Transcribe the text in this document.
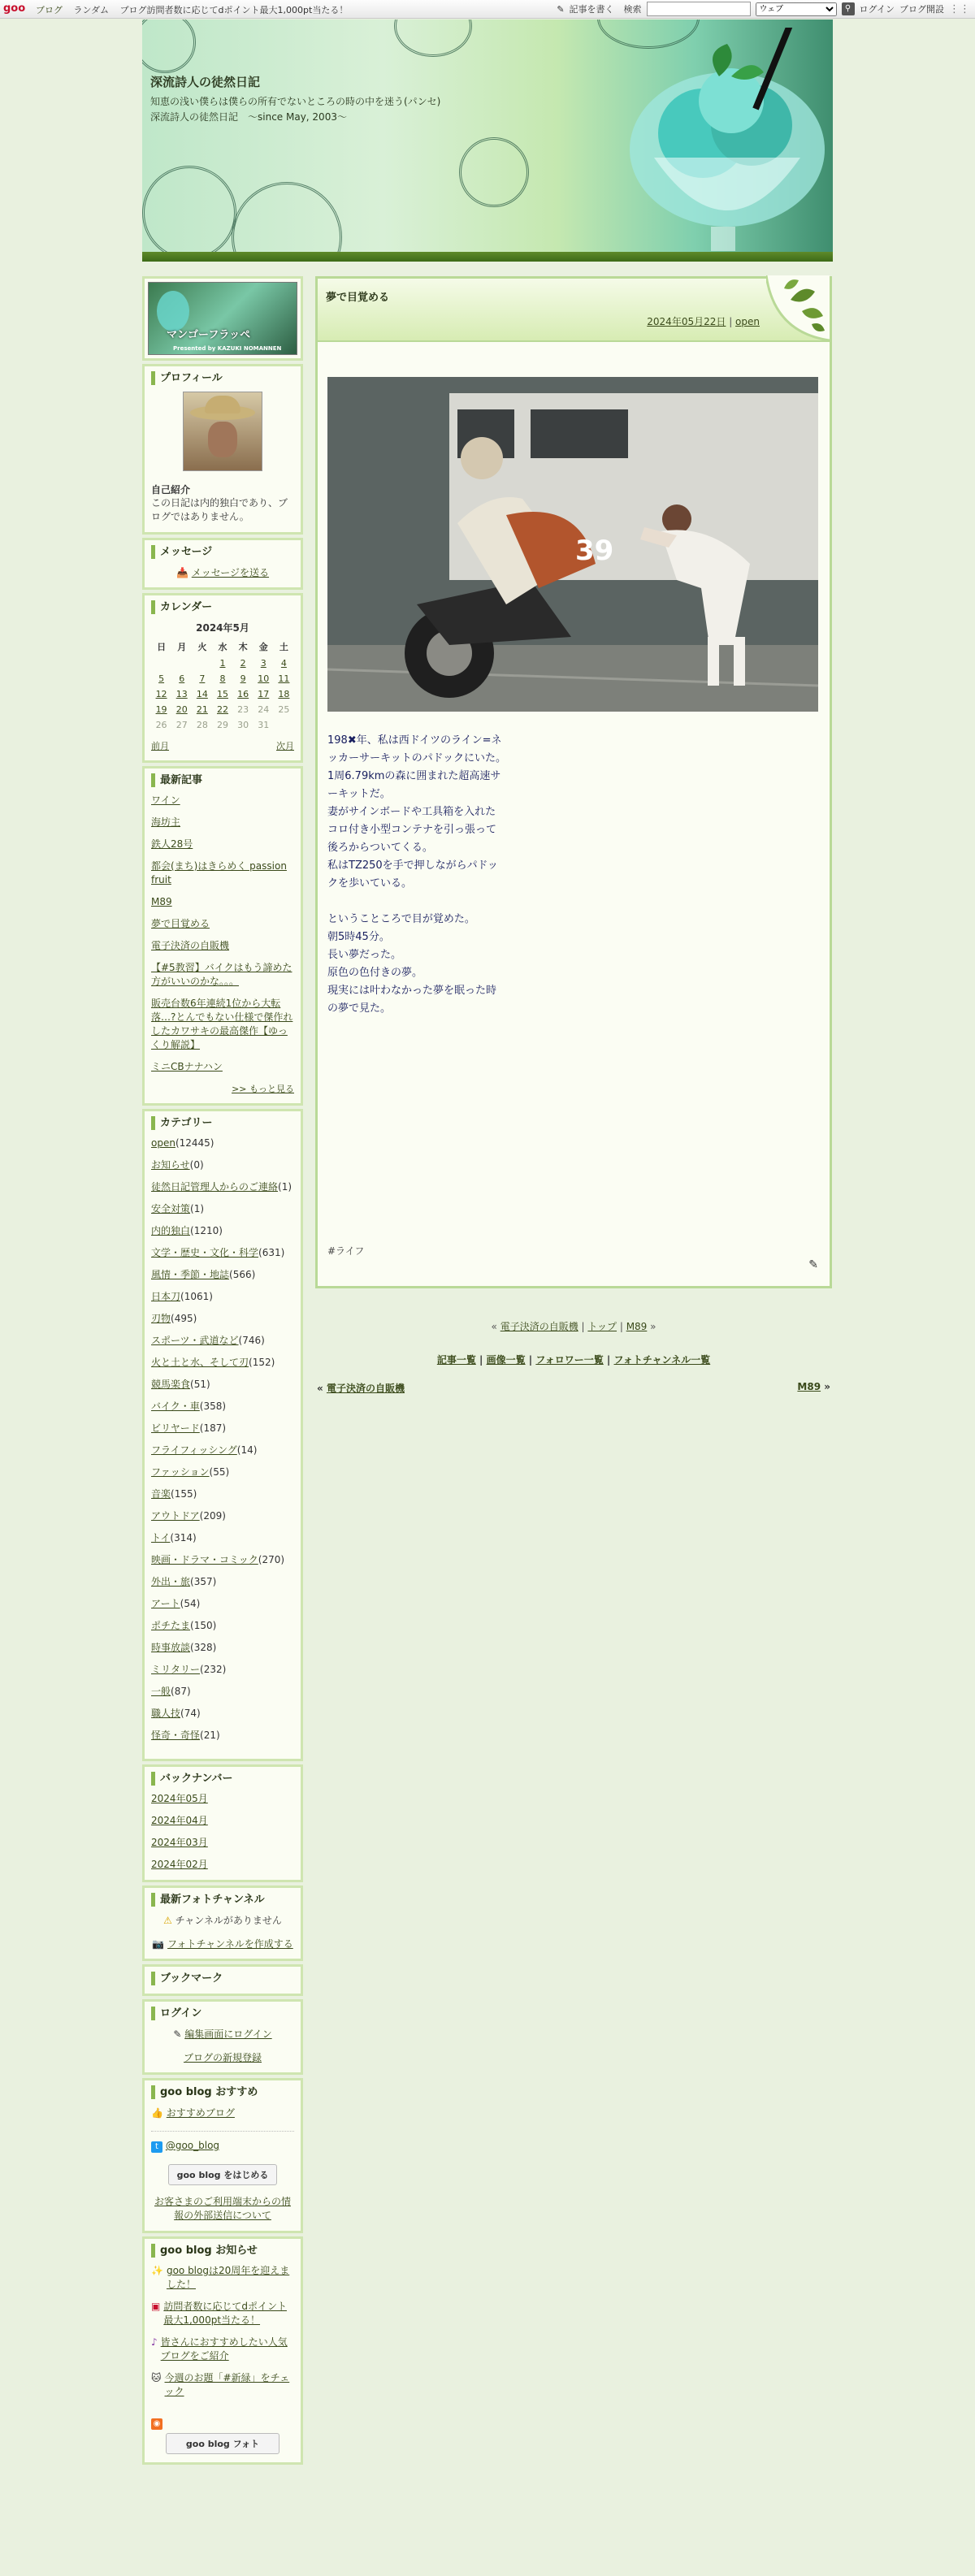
goo ブログ ランダム ブログ訪問者数に応じてdポイント最大1,000pt当たる！	✎ 記事を書く 検索
ウェブ	⚲ ログイン ブログ開設 ⋮⋮
深流詩人の徒然日記
知恵の浅い僕らは僕らの所有でないところの時の中を迷う(パンセ)　深流詩人の徒然日記　～since May, 2003～
マンゴーフラッペ
Presented by KAZUKI NOMANNEN
プロフィール
自己紹介
この日記は内的独白であり、ブログではありません。
メッセージ
📥 メッセージを送る
カレンダー
2024年5月
日	月	火	水	木	金	土
			1	2	3	4
5	6	7	8	9	10	11
12	13	14	15	16	17	18
19	20	21	22	23	24	25
26	27	28	29	30	31	
前月	次月
最新記事
ワイン
海坊主
鉄人28号
都会(まち)はきらめく passion fruit
M89
夢で目覚める
電子決済の自販機
【#5教習】バイクはもう諦めた方がいいのかな。。。
販売台数6年連続1位から大転落…?とんでもない仕様で傑作れしたカワサキの最高傑作【ゆっくり解説】
ミニCBナナハン
>> もっと見る
カテゴリー
open(12445)
お知らせ(0)
徒然日記管理人からのご連絡(1)
安全対策(1)
内的独白(1210)
文学・歴史・文化・科学(631)
風情・季節・地誌(566)
日本刀(1061)
刃物(495)
スポーツ・武道など(746)
火と土と水、そして刃(152)
競馬楽食(51)
バイク・車(358)
ビリヤード(187)
フライフィッシング(14)
ファッション(55)
音楽(155)
アウトドア(209)
トイ(314)
映画・ドラマ・コミック(270)
外出・旅(357)
アート(54)
ポチたま(150)
時事放談(328)
ミリタリー(232)
一般(87)
職人技(74)
怪奇・奇怪(21)
バックナンバー
2024年05月
2024年04月
2024年03月
2024年02月
最新フォトチャンネル
⚠ チャンネルがありません
📷 フォトチャンネルを作成する
ブックマーク
ログイン
✎ 編集画面にログイン
ブログの新規登録
goo blog おすすめ
👍 おすすめブログ
t @goo_blog
goo blog をはじめる
お客さまのご利用端末からの情報の外部送信について
goo blog お知らせ
✨ goo blogは20周年を迎えました！
▣ 訪問者数に応じてdポイント最大1,000pt当たる！
♪ 皆さんにおすすめしたい人気ブログをご紹介
🐱 今週のお題「#新緑」をチェック
◉
goo blog フォト
夢で目覚める
2024年05月22日 | open
39
198✖年、私は西ドイツのライン=ネッカーサーキットのパドックにいた。
1周6.79kmの森に囲まれた超高速サーキットだ。
妻がサインボードや工具箱を入れたコロ付き小型コンテナを引っ張って後ろからついてくる。
私はTZ250を手で押しながらパドックを歩いている。
ということころで目が覚めた。
朝5時45分。
長い夢だった。
原色の色付きの夢。
現実には叶わなかった夢を眠った時の夢で見た。
#ライフ
✎
« 電子決済の自販機 | トップ | M89 »
記事一覧 | 画像一覧 | フォロワー一覧 | フォトチャンネル一覧
« 電子決済の自販機	M89 »
